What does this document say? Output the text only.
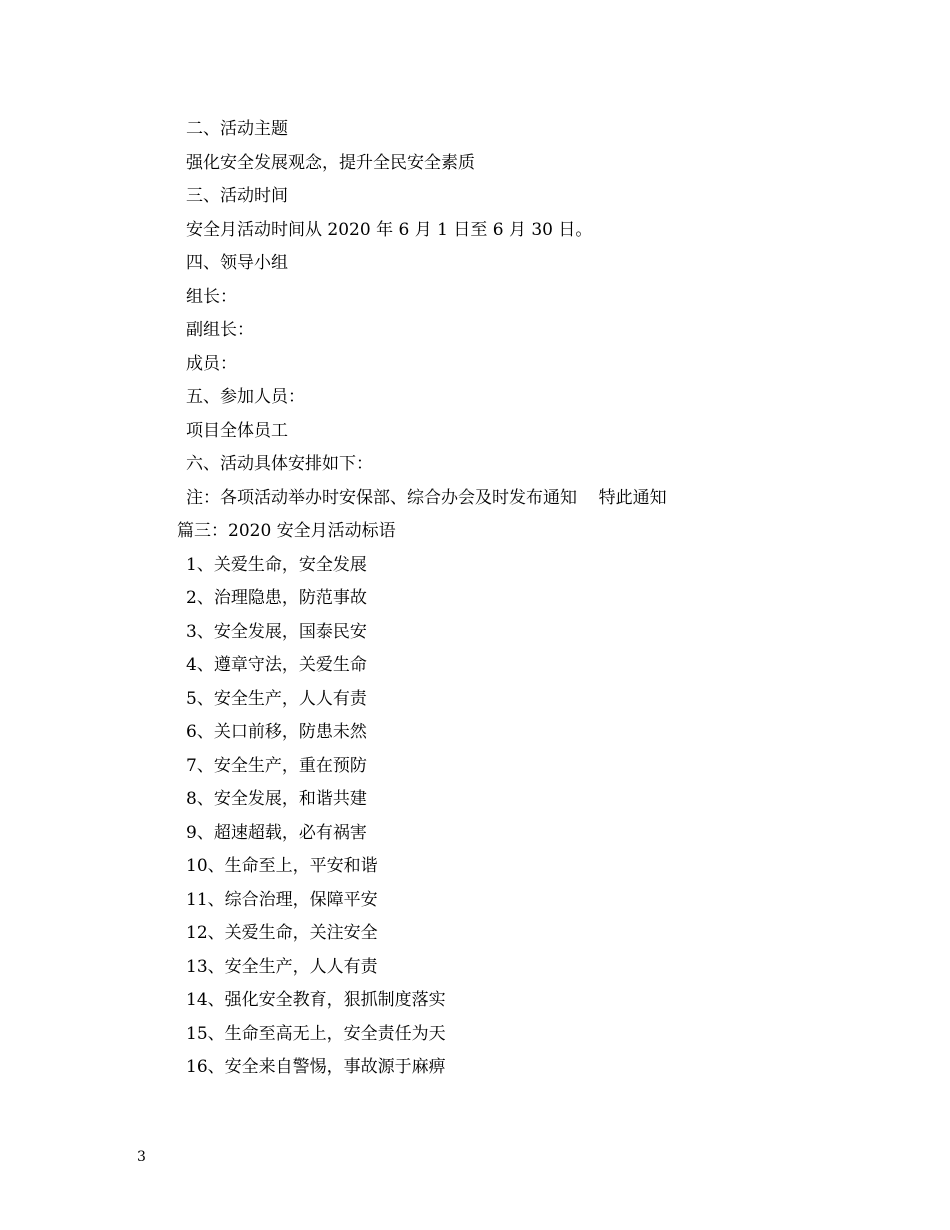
二、活动主题
强化安全发展观念，提升全民安全素质
三、活动时间
安全月活动时间从 2020 年 6 月 1 日至 6 月 30 日。
四、领导小组
组长：
副组长：
成员：
五、参加人员：
项目全体员工
六、活动具体安排如下：
注：各项活动举办时安保部、综合办会及时发布通知    特此通知
篇三：2020 安全月活动标语
1、关爱生命，安全发展
2、治理隐患，防范事故
3、安全发展，国泰民安
4、遵章守法，关爱生命
5、安全生产，人人有责
6、关口前移，防患未然
7、安全生产，重在预防
8、安全发展，和谐共建
9、超速超载，必有祸害
10、生命至上，平安和谐
11、综合治理，保障平安
12、关爱生命，关注安全
13、安全生产，人人有责
14、强化安全教育，狠抓制度落实
15、生命至高无上，安全责任为天
16、安全来自警惕，事故源于麻痹
3
